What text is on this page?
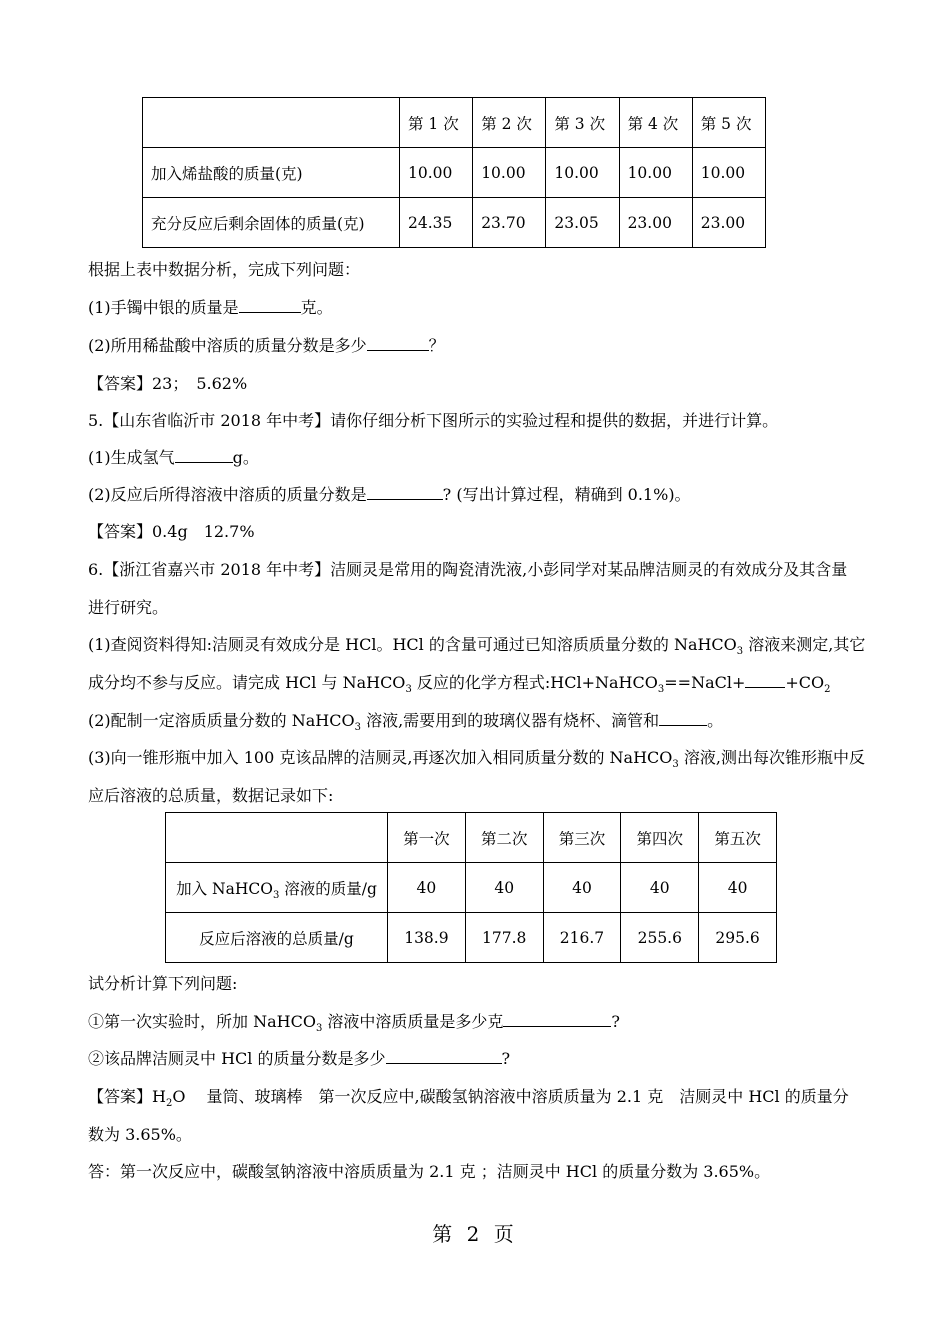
	第 1 次	第 2 次	第 3 次	第 4 次	第 5 次
加入烯盐酸的质量(克)	10.00	10.00	10.00	10.00	10.00
充分反应后剩余固体的质量(克)	24.35	23.70	23.05	23.00	23.00
根据上表中数据分析，完成下列问题：
(1)手镯中银的质量是	克。
(2)所用稀盐酸中溶质的质量分数是多少	？
【答案】23；　5.62%
5.【山东省临沂市 2018 年中考】请你仔细分析下图所示的实验过程和提供的数据，并进行计算。
(1)生成氢气	g。
(2)反应后所得溶液中溶质的质量分数是	? (写出计算过程，精确到 0.1%)。
【答案】0.4g　12.7%
6.【浙江省嘉兴市 2018 年中考】洁厕灵是常用的陶瓷清洗液,小彭同学对某品牌洁厕灵的有效成分及其含量
进行研究。
(1)查阅资料得知:洁厕灵有效成分是 HCl。HCl 的含量可通过已知溶质质量分数的 NaHCO$_3$ 溶液来测定,其它
成分均不参与反应。请完成 HCl 与 NaHCO$_3$ 反应的化学方程式:HCl+NaHCO$_3$==NaCl+	$+CO_2$
(2)配制一定溶质质量分数的 NaHCO$_3$ 溶液,需要用到的玻璃仪器有烧杯、滴管和	。
(3)向一锥形瓶中加入 100 克该品牌的洁厕灵,再逐次加入相同质量分数的 NaHCO$_3$ 溶液,测出每次锥形瓶中反
应后溶液的总质量，数据记录如下:
	第一次	第二次	第三次	第四次	第五次
加入 NaHCO$_3$ 溶液的质量/g	40	40	40	40	40
反应后溶液的总质量/g	138.9	177.8	216.7	255.6	295.6
试分析计算下列问题:
①第一次实验时，所加 NaHCO$_3$ 溶液中溶质质量是多少克	?
②该品牌洁厕灵中 HCl 的质量分数是多少	?
【答案】$H_2O$　 量筒、玻璃棒　第一次反应中,碳酸氢钠溶液中溶质质量为 2.1 克　洁厕灵中 HCl 的质量分
数为 3.65%。
答：第一次反应中，碳酸氢钠溶液中溶质质量为 2.1 克 ；洁厕灵中 HCl 的质量分数为 3.65%。
第 2 页
